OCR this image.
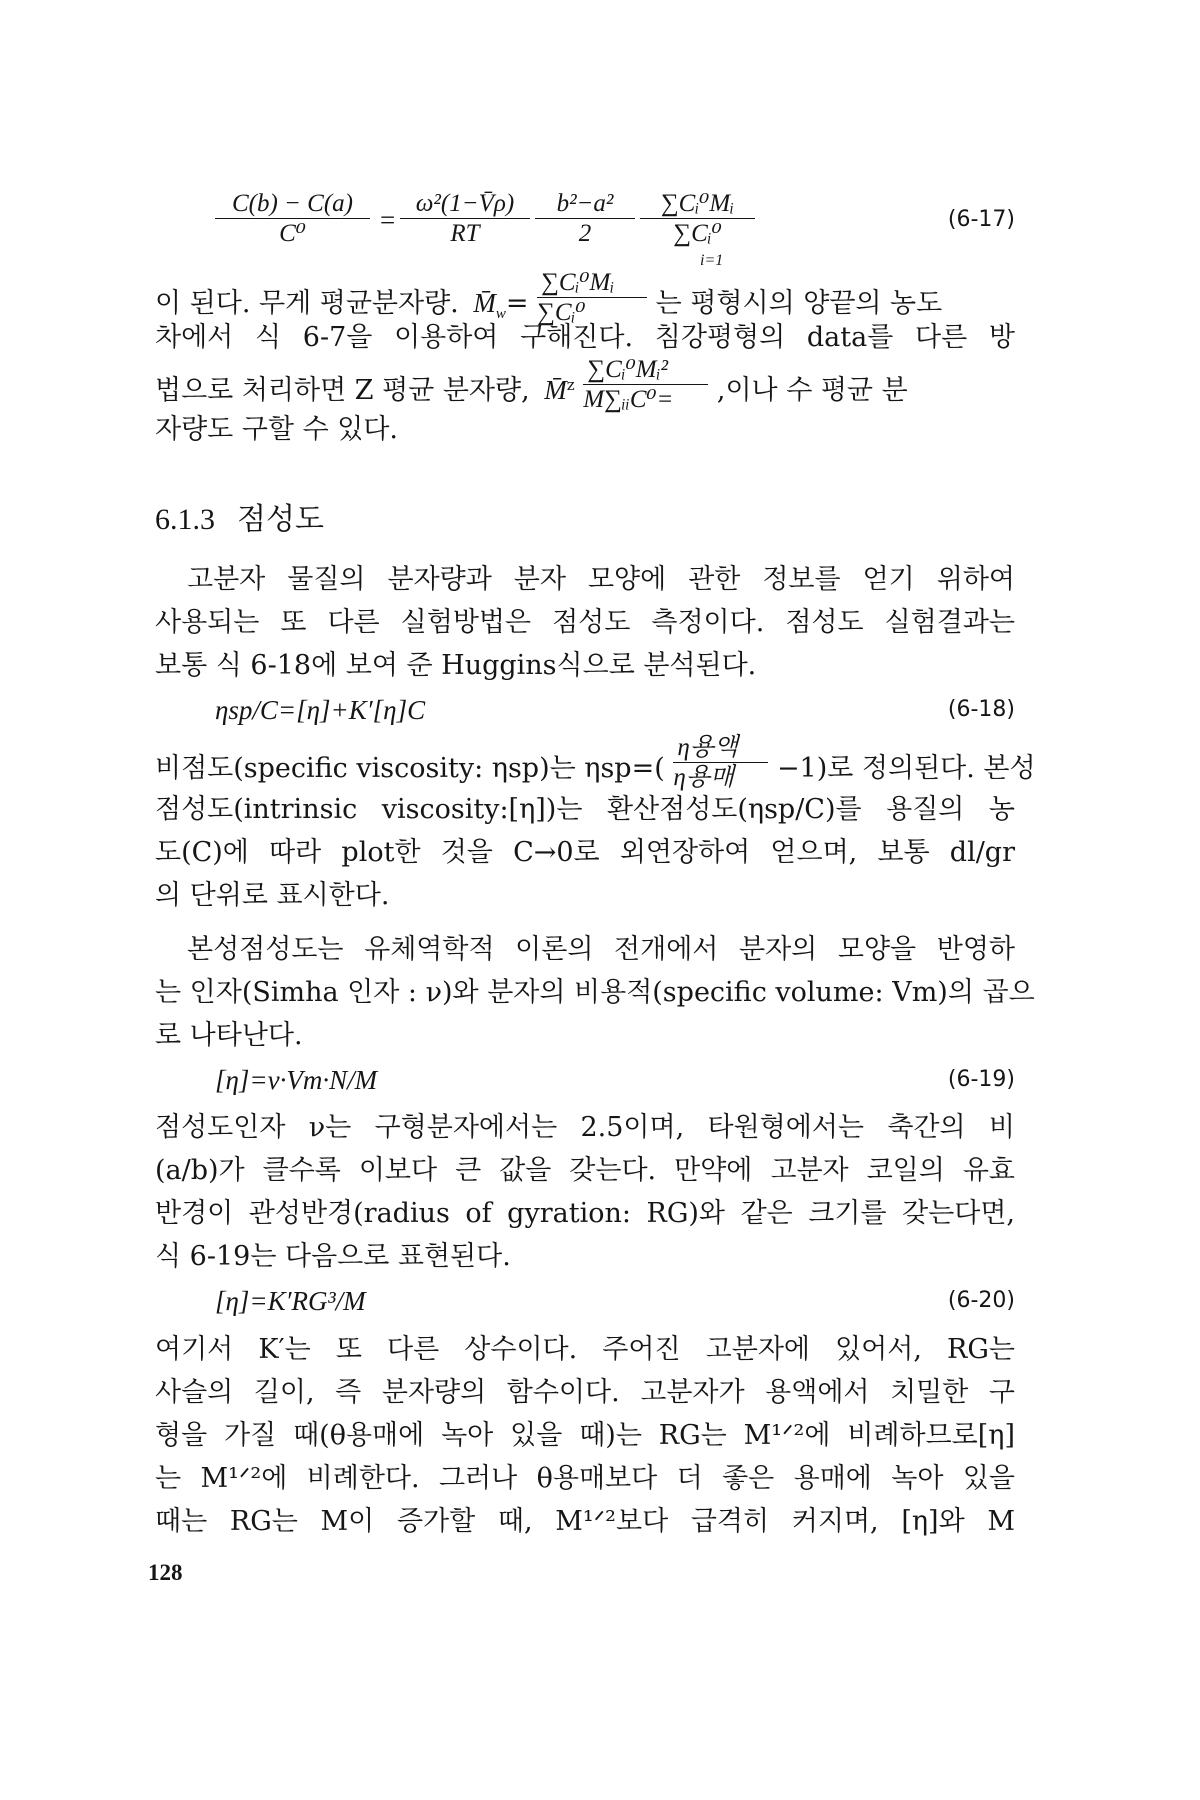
$\frac{C(b) - C(a)}{\text{C⁰}} = \frac{\text{ω²(1−V̄ρ)}}{RT} \frac{\text{b²−a²}}{2} \frac{\text{∑Cᵢ⁰Mᵢ}}{\text{∑Cᵢ⁰}}$
i=1
(6-17)
이 된다. 무게 평균분자량. $M̄_w= \frac{\text{∑Cᵢ⁰Mᵢ}}{\text{∑Cᵢ⁰}}$ 는 평형시의 양끝의 농도
차에서 식 6-7을 이용하여 구해진다. 침강평형의 data를 다른 방
법으로 처리하면 Z 평균 분자량, M̄$^z$ $\frac{\text{∑Cᵢ⁰Mᵢ²}}{\text{M∑ᵢᵢC⁰=}}$ ,이나 수 평균 분
자량도 구할 수 있다.
6.1.3 점성도
고분자 물질의 분자량과 분자 모양에 관한 정보를 얻기 위하여
사용되는 또 다른 실험방법은 점성도 측정이다. 점성도 실험결과는
보통 식 6-18에 보여 준 Huggins식으로 분석된다.
ηsp/C=[η]+K′[η]C	(6-18)
비점도(specific viscosity: ηsp)는 $\eta sp=( \frac{\text{η용액}}{\text{η용매}} -1)$로 정의된다. 본성
점성도(intrinsic viscosity:[η])는 환산점성도(ηsp/C)를 용질의 농
도(C)에 따라 plot한 것을 C→0로 외연장하여 얻으며, 보통 dl/gr
의 단위로 표시한다.
본성점성도는 유체역학적 이론의 전개에서 분자의 모양을 반영하
는 인자(Simha 인자 : ν)와 분자의 비용적(specific volume: Vm)의 곱으
로 나타난다.
[η]=ν·Vm·N/M	(6-19)
점성도인자 ν는 구형분자에서는 2.5이며, 타원형에서는 축간의 비
(a/b)가 클수록 이보다 큰 값을 갖는다. 만약에 고분자 코일의 유효
반경이 관성반경(radius of gyration: RG)와 같은 크기를 갖는다면,
식 6-19는 다음으로 표현된다.
[η]=K′RG³/M	(6-20)
여기서 K′는 또 다른 상수이다. 주어진 고분자에 있어서, RG는
사슬의 길이, 즉 분자량의 함수이다. 고분자가 용액에서 치밀한 구
형을 가질 때(θ용매에 녹아 있을 때)는 RG는 M¹ᐟ²에 비례하므로[η]
는 M¹ᐟ²에 비례한다. 그러나 θ용매보다 더 좋은 용매에 녹아 있을
때는 RG는 M이 증가할 때, M¹ᐟ²보다 급격히 커지며, [η]와 M
128
